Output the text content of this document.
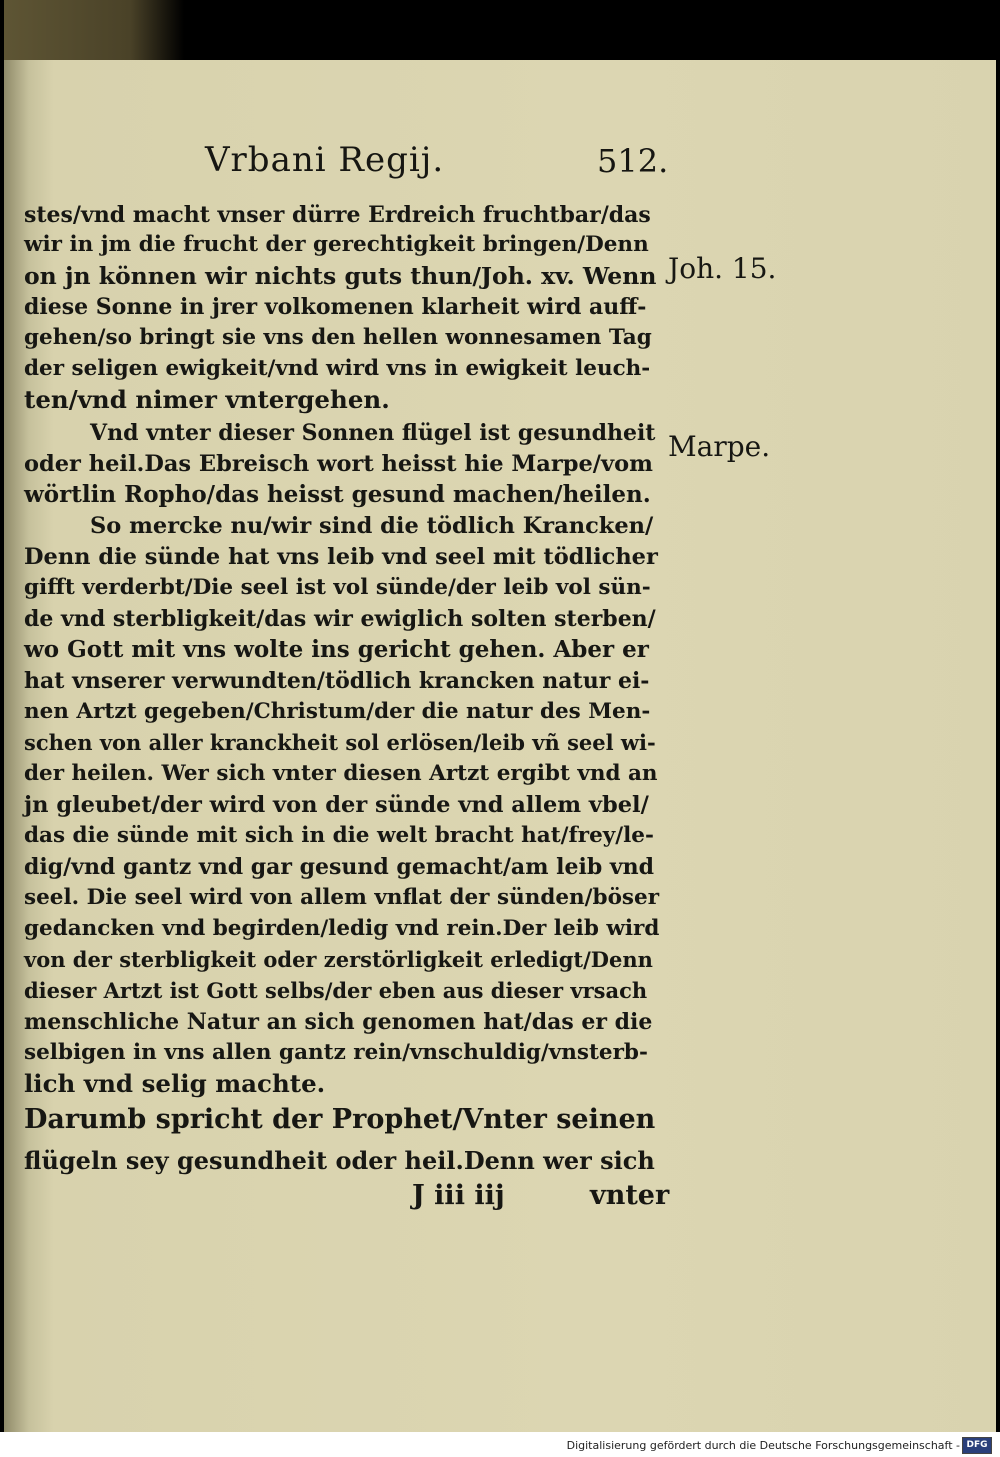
Vrbani Regij.	512.
stes/vnd macht vnser dürre Erdreich fruchtbar/das
wir in jm die frucht der gerechtigkeit bringen/Denn
on jn können wir nichts guts thun/Joh. xv. Wenn
diese Sonne in jrer volkomenen klarheit wird auff-
gehen/so bringt sie vns den hellen wonnesamen Tag
der seligen ewigkeit/vnd wird vns in ewigkeit leuch-
ten/vnd nimer vntergehen.
Vnd vnter dieser Sonnen flügel ist gesundheit
oder heil.Das Ebreisch wort heisst hie Marpe/vom
wörtlin Ropho/das heisst gesund machen/heilen.
So mercke nu/wir sind die tödlich Krancken/
Denn die sünde hat vns leib vnd seel mit tödlicher
gifft verderbt/Die seel ist vol sünde/der leib vol sün-
de vnd sterbligkeit/das wir ewiglich solten sterben/
wo Gott mit vns wolte ins gericht gehen. Aber er
hat vnserer verwundten/tödlich krancken natur ei-
nen Artzt gegeben/Christum/der die natur des Men-
schen von aller kranckheit sol erlösen/leib vñ seel wi-
der heilen. Wer sich vnter diesen Artzt ergibt vnd an
jn gleubet/der wird von der sünde vnd allem vbel/
das die sünde mit sich in die welt bracht hat/frey/le-
dig/vnd gantz vnd gar gesund gemacht/am leib vnd
seel. Die seel wird von allem vnflat der sünden/böser
gedancken vnd begirden/ledig vnd rein.Der leib wird
von der sterbligkeit oder zerstörligkeit erledigt/Denn
dieser Artzt ist Gott selbs/der eben aus dieser vrsach
menschliche Natur an sich genomen hat/das er die
selbigen in vns allen gantz rein/vnschuldig/vnsterb-
lich vnd selig machte.
Darumb spricht der Prophet/Vnter seinen
flügeln sey gesundheit oder heil.Denn wer sich
J iii iij	vnter
Joh. 15.
Marpe.
Digitalisierung gefördert durch die Deutsche Forschungsgemeinschaft - DFG
